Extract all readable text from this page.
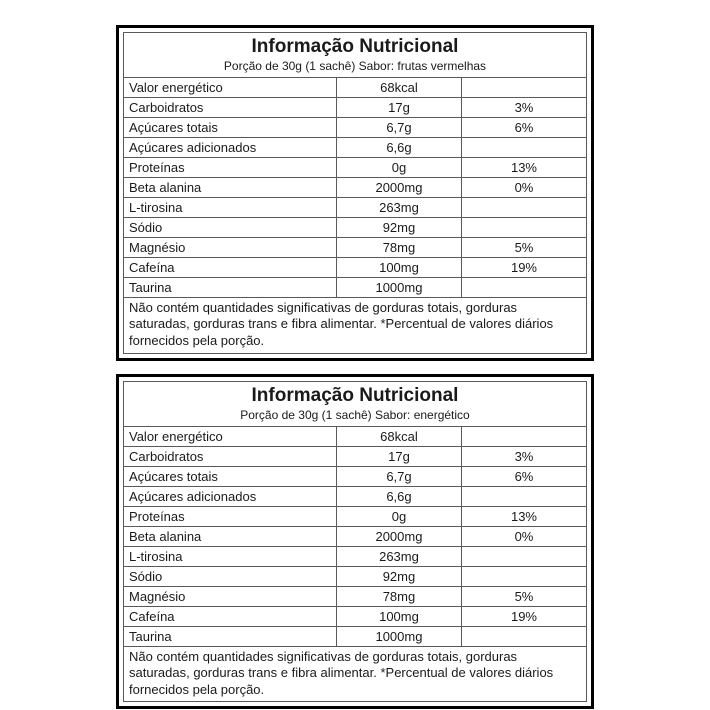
Informação Nutricional
Porção de 30g (1 sachê) Sabor: frutas vermelhas		

Valor energético	68kcal	
Carboidratos	17g	3%
Açúcares totais	6,7g	6%
Açúcares adicionados	6,6g	
Proteínas	0g	13%
Beta alanina	2000mg	0%
L-tirosina	263mg	
Sódio	92mg	
Magnésio	78mg	5%
Cafeína	100mg	19%
Taurina	1000mg	
Não contém quantidades significativas de gorduras totais, gorduras saturadas, gorduras trans e fibra alimentar. *Percentual de valores diários fornecidos pela porção.		
Informação Nutricional
Porção de 30g (1 sachê) Sabor: energético		

Valor energético	68kcal	
Carboidratos	17g	3%
Açúcares totais	6,7g	6%
Açúcares adicionados	6,6g	
Proteínas	0g	13%
Beta alanina	2000mg	0%
L-tirosina	263mg	
Sódio	92mg	
Magnésio	78mg	5%
Cafeína	100mg	19%
Taurina	1000mg	
Não contém quantidades significativas de gorduras totais, gorduras saturadas, gorduras trans e fibra alimentar. *Percentual de valores diários fornecidos pela porção.		
